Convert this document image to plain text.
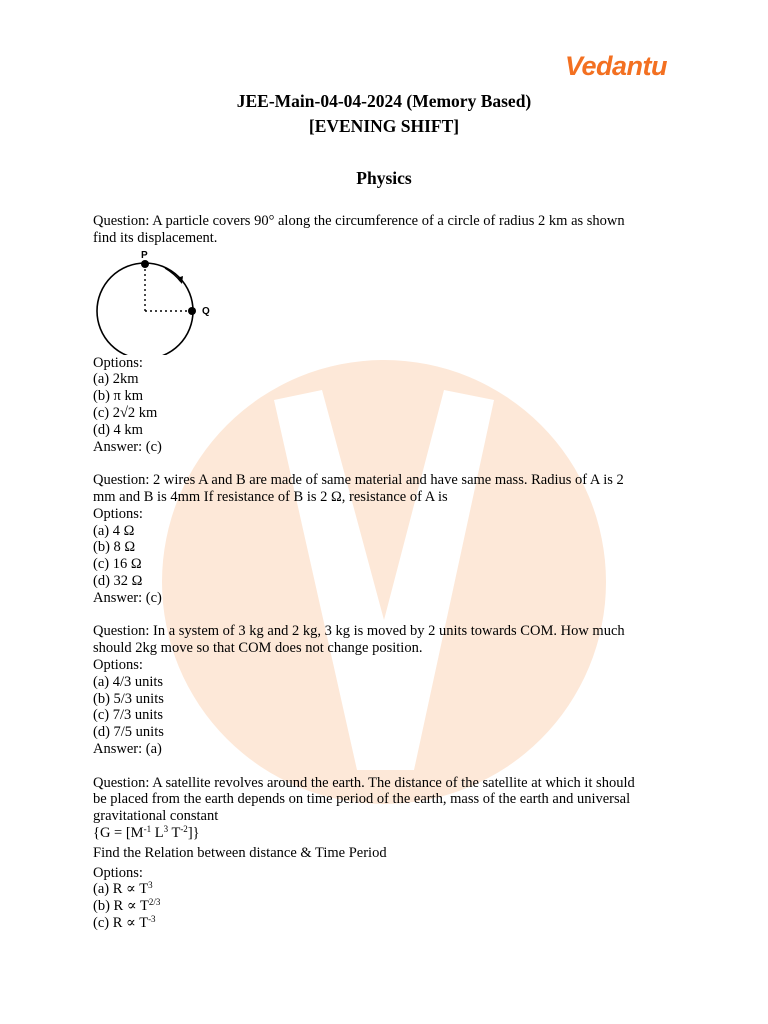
Vedantu
JEE-Main-04-04-2024 (Memory Based)
[EVENING SHIFT]
Physics
Question: A particle covers 90° along the circumference of a circle of radius 2 km as shown
find its displacement.
P
Q
Options:
(a) 2km
(b) π km
(c) 2√2 km
(d) 4 km
Answer: (c)
Question: 2 wires A and B are made of same material and have same mass. Radius of A is 2
mm and B is 4mm If resistance of B is 2 Ω, resistance of A is
Options:
(a) 4 Ω
(b) 8 Ω
(c) 16 Ω
(d) 32 Ω
Answer: (c)
Question: In a system of 3 kg and 2 kg, 3 kg is moved by 2 units towards COM. How much
should 2kg move so that COM does not change position.
Options:
(a) 4/3 units
(b) 5/3 units
(c) 7/3 units
(d) 7/5 units
Answer: (a)
Question: A satellite revolves around the earth. The distance of the satellite at which it should
be placed from the earth depends on time period of the earth, mass of the earth and universal
gravitational constant
{$G = [M^{-1}$ $L^3$ $T^{-2}$]}
Find the Relation between distance & Time Period
Options:
(a) $R \propto T^3$
(b) $R \propto T^{2/3}$
(c) $R \propto T^{-3}$
